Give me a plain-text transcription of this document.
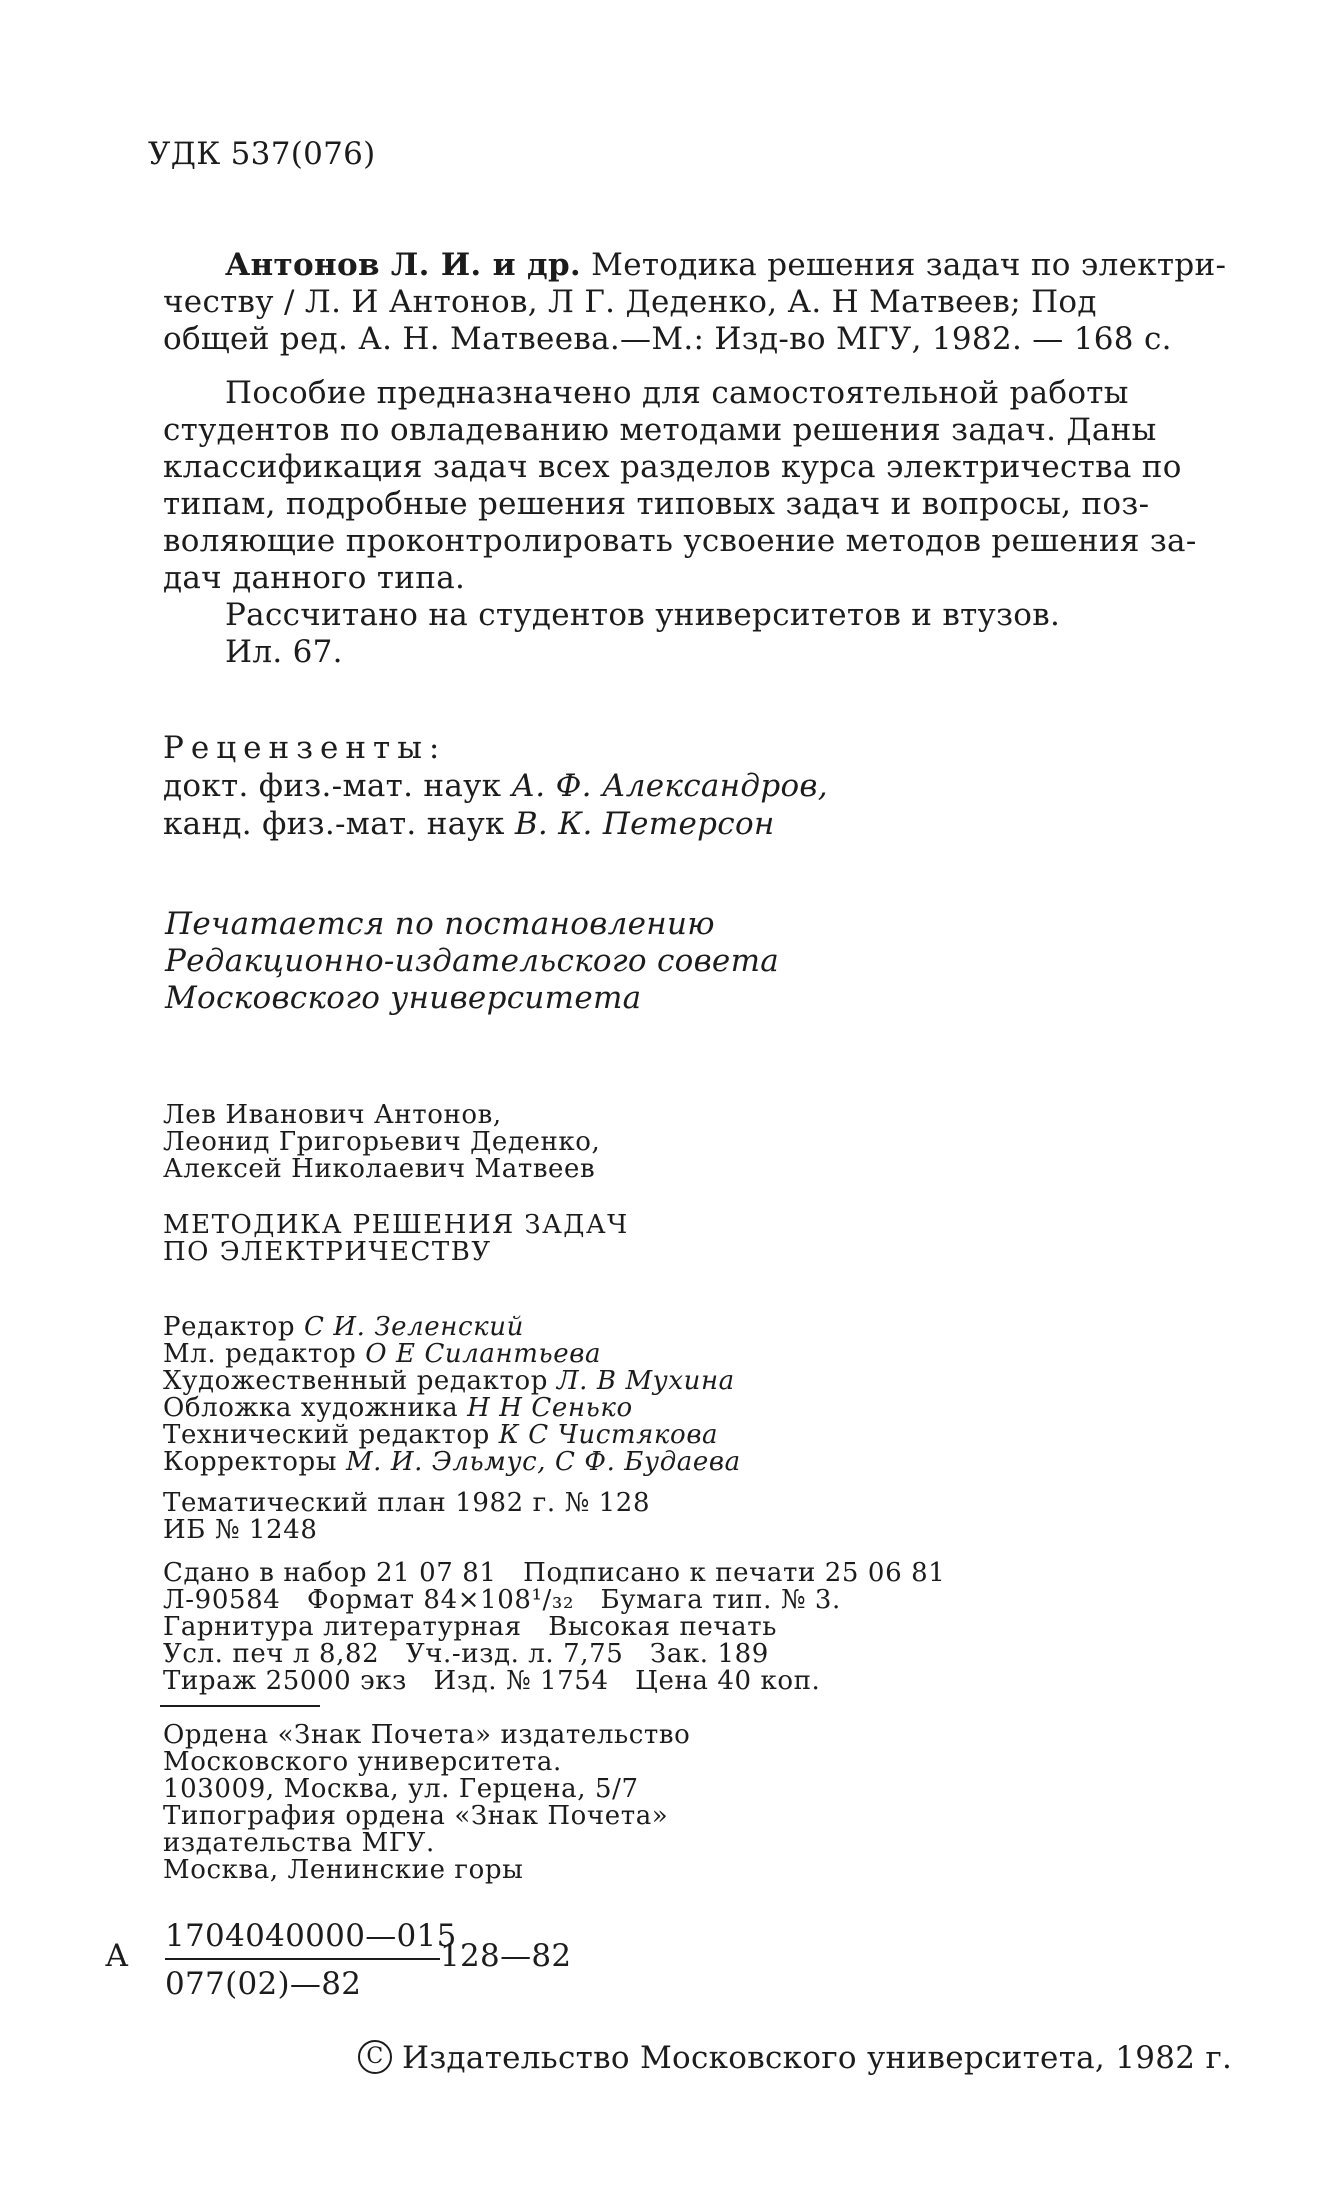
УДК 537(076)
Антонов Л. И. и др. Методика решения задач по электри-
честву / Л. И Антонов, Л Г. Деденко, А. Н Матвеев; Под
общей ред. А. Н. Матвеева.—М.: Изд-во МГУ, 1982. — 168 с.
Пособие предназначено для самостоятельной работы
студентов по овладеванию методами решения задач. Даны
классификация задач всех разделов курса электричества по
типам, подробные решения типовых задач и вопросы, поз-
воляющие проконтролировать усвоение методов решения за-
дач данного типа.
Рассчитано на студентов университетов и втузов.
Ил. 67.
Рецензенты:
докт. физ.-мат. наук А. Ф. Александров,
канд. физ.-мат. наук В. К. Петерсон
Печатается по постановлению
Редакционно-издательского совета
Московского университета
Лев Иванович Антонов,
Леонид Григорьевич Деденко,
Алексей Николаевич Матвеев
МЕТОДИКА РЕШЕНИЯ ЗАДАЧ
ПО ЭЛЕКТРИЧЕСТВУ
Редактор С И. Зеленский
Мл. редактор О Е Силантьева
Художественный редактор Л. В Мухина
Обложка художника Н Н Сенько
Технический редактор К С Чистякова
Корректоры М. И. Эльмус, С Ф. Будаева
Тематический план 1982 г. № 128
ИБ № 1248
Сдано в набор 21 07 81   Подписано к печати 25 06 81
Л-90584   Формат 84×108¹/₃₂   Бумага тип. № 3.
Гарнитура литературная   Высокая печать
Усл. печ л 8,82   Уч.-изд. л. 7,75   Зак. 189
Тираж 25000 экз   Изд. № 1754   Цена 40 коп.
Ордена «Знак Почета» издательство
Московского университета.
103009, Москва, ул. Герцена, 5/7
Типография ордена «Знак Почета»
издательства МГУ.
Москва, Ленинские горы
А
1704040000—015
077(02)—82
128—82
C Издательство Московского университета, 1982 г.
